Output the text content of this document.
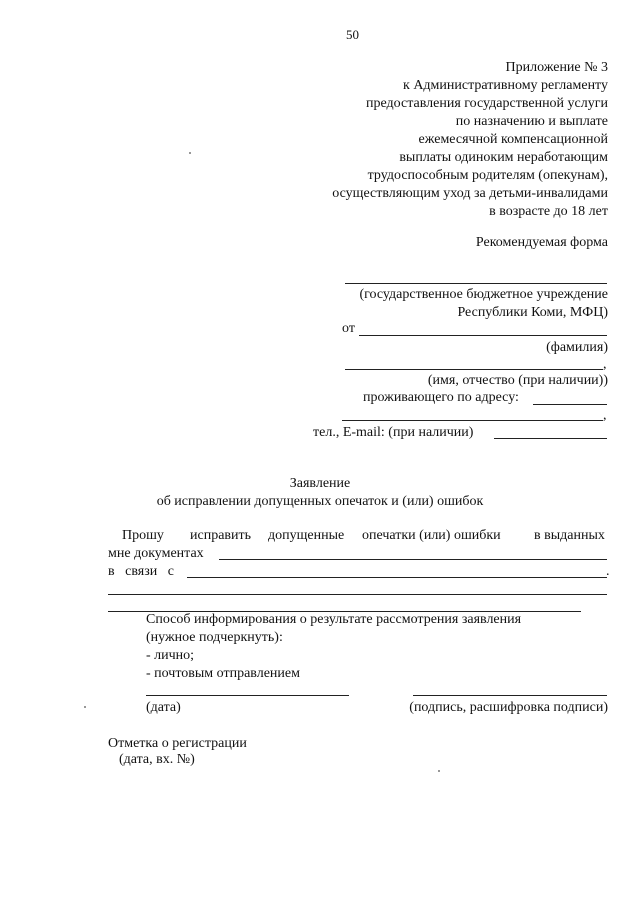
50
Приложение № 3
к Административному регламенту
предоставления государственной услуги
по назначению и выплате
ежемесячной компенсационной
выплаты одиноким неработающим
трудоспособным родителям (опекунам),
осуществляющим уход за детьми-инвалидами
в возрасте до 18 лет
Рекомендуемая форма
(государственное бюджетное учреждение
Республики Коми, МФЦ)
от
(фамилия)
,
(имя, отчество (при наличии))
проживающего по адресу:
,
тел., E-mail: (при наличии)
Заявление
об исправлении допущенных опечаток и (или) ошибок
Прошу исправить допущенные опечатки (или) ошибки в выданных
мне документах
в связи с	.
Способ информирования о результате рассмотрения заявления
(нужное подчеркнуть):
- лично;
- почтовым отправлением
(дата)	(подпись, расшифровка подписи)
Отметка о регистрации
(дата, вх. №)
